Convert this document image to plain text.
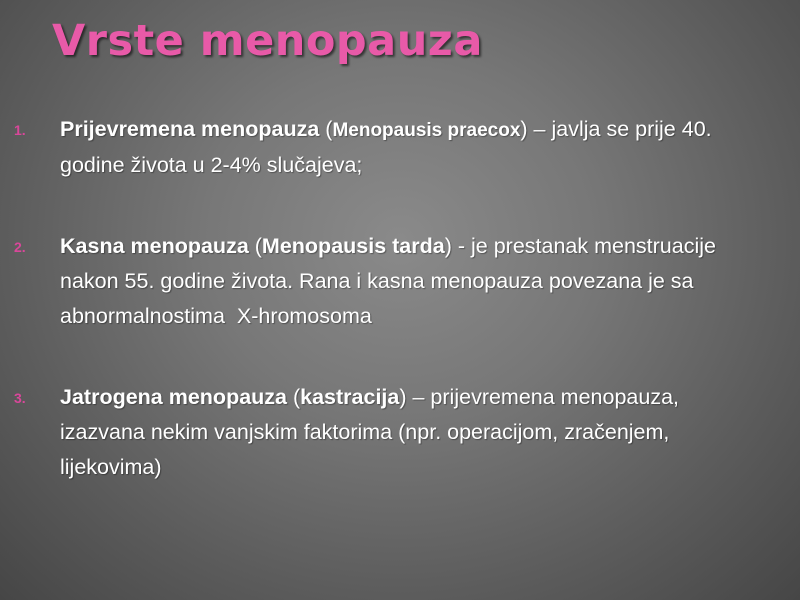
Vrste menopauza
1. Prijevremena menopauza (Menopausis praecox) – javlja se prije 40. godine života u 2-4% slučajeva;
2. Kasna menopauza (Menopausis tarda) - je prestanak menstruacije nakon 55. godine života. Rana i kasna menopauza povezana je sa    abnormalnostima  X-hromosoma
3. Jatrogena menopauza (kastracija) – prijevremena menopauza, izazvana nekim vanjskim faktorima (npr. operacijom, zračenjem, lijekovima)
